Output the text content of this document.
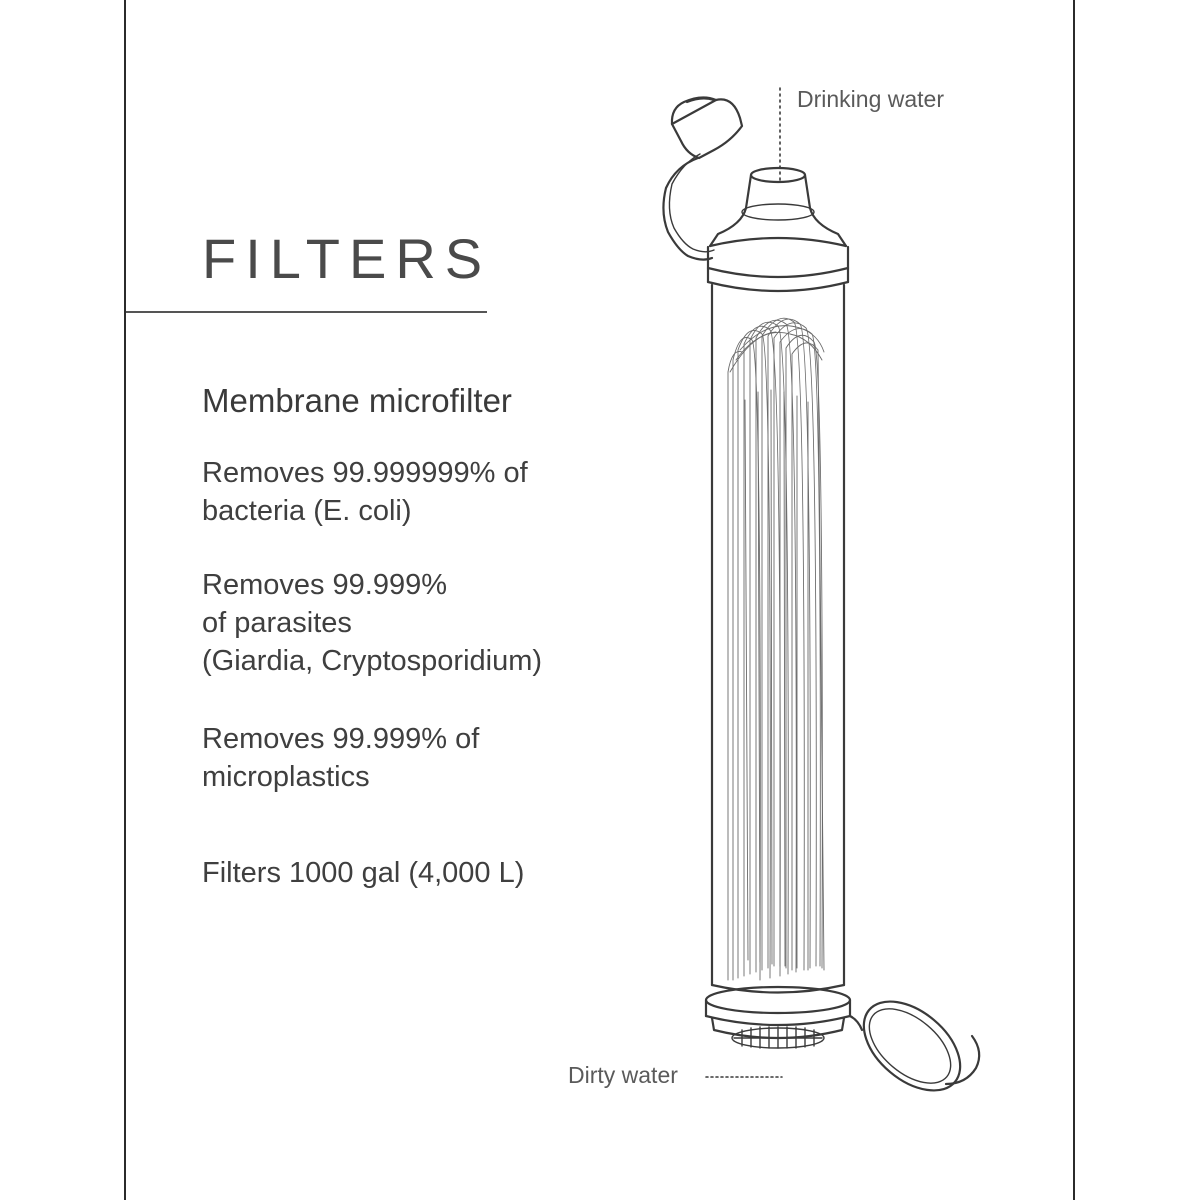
FILTERS
Membrane microfilter
Removes 99.999999% of
bacteria (E. coli)
Removes 99.999%
of parasites
(Giardia, Cryptosporidium)
Removes 99.999% of
microplastics
Filters 1000 gal (4,000 L)
Drinking water
Dirty water
